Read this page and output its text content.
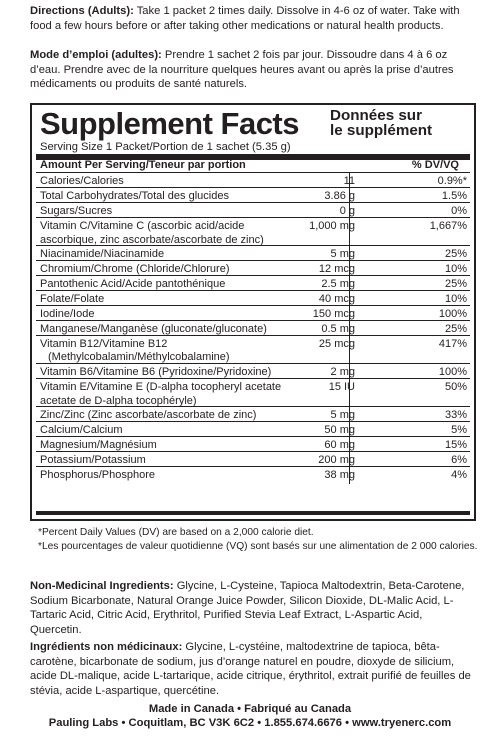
Directions (Adults): Take 1 packet 2 times daily. Dissolve in 4-6 oz of water. Take with food a few hours before or after taking other medications or natural health products.
Mode d’emploi (adultes): Prendre 1 sachet 2 fois par jour. Dissoudre dans 4 à 6 oz d’eau. Prendre avec de la nourriture quelques heures avant ou après la prise d’autres médicaments ou produits de santé naturels.
Supplement Facts Données sur
le supplément
Serving Size 1 Packet/Portion de 1 sachet (5.35 g)
Amount Per Serving/Teneur par portion	% DV/VQ
Calories/Calories	11	0.9%*
Total Carbohydrates/Total des glucides	3.86 g	1.5%
Sugars/Sucres	0 g	0%
Vitamin C/Vitamine C (ascorbic acid/acide ascorbique, zinc ascorbate/ascorbate de zinc)
1,000 mg	1,667%
Niacinamide/Niacinamide	5 mg	25%
Chromium/Chrome (Chloride/Chlorure)	12 mcg	10%
Pantothenic Acid/Acide pantothénique	2.5 mg	25%
Folate/Folate	40 mcg	10%
Iodine/Iode	150 mcg	100%
Manganese/Manganèse (gluconate/gluconate)	0.5 mg	25%
Vitamin B12/Vitamine B12
(Methylcobalamin/Méthylcobalamine)
25 mcg	417%
Vitamin B6/Vitamine B6 (Pyridoxine/Pyridoxine)	2 mg	100%
Vitamin E/Vitamine E (D-alpha tocopheryl acetate acetate de D-alpha tocophéryle)
15 IU	50%
Zinc/Zinc (Zinc ascorbate/ascorbate de zinc)	5 mg	33%
Calcium/Calcium	50 mg	5%
Magnesium/Magnésium	60 mg	15%
Potassium/Potassium	200 mg	6%
Phosphorus/Phosphore	38 mg	4%
*Percent Daily Values (DV) are based on a 2,000 calorie diet.
*Les pourcentages de valeur quotidienne (VQ) sont basés sur une alimentation de 2 000 calories.
Non-Medicinal Ingredients: Glycine, L-Cysteine, Tapioca Maltodextrin, Beta-Carotene, Sodium Bicarbonate, Natural Orange Juice Powder, Silicon Dioxide, DL-Malic Acid, L-Tartaric Acid, Citric Acid, Erythritol, Purified Stevia Leaf Extract, L-Aspartic Acid, Quercetin.
Ingrédients non médicinaux: Glycine, L-cystéine, maltodextrine de tapioca, bêta-carotène, bicarbonate de sodium, jus d’orange naturel en poudre, dioxyde de silicium, acide DL-malique, acide L-tartarique, acide citrique, érythritol, extrait purifié de feuilles de stévia, acide L-aspartique, quercétine.
Made in Canada • Fabriqué au Canada
Pauling Labs • Coquitlam, BC V3K 6C2 • 1.855.674.6676 • www.tryenerc.com
